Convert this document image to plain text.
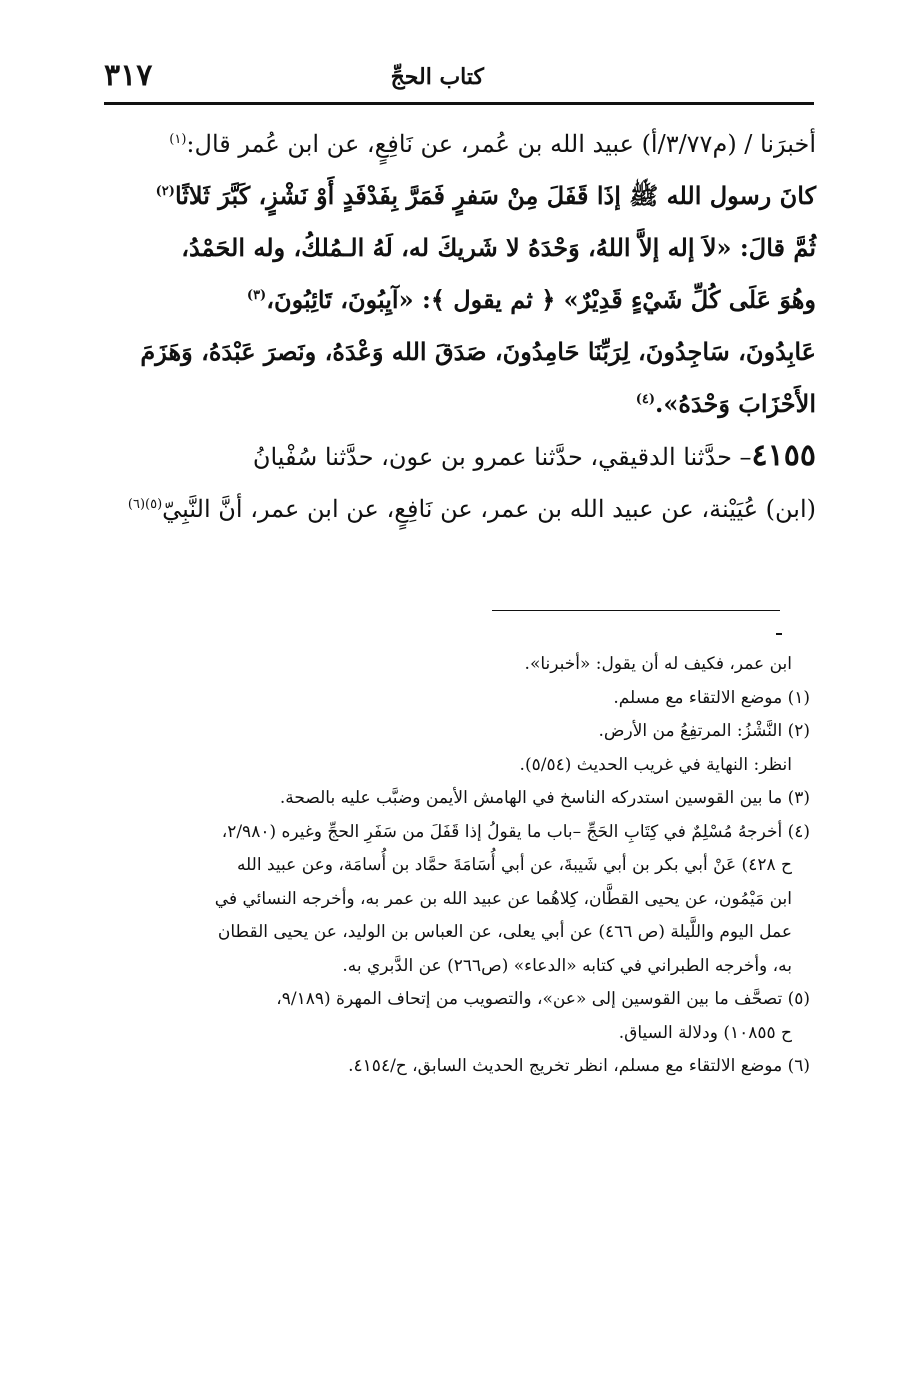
كتاب الحجِّ
٣١٧

أخبرَنا / (م٣/٧٧/أ) عبيد الله بن عُمر، عن نَافِعٍ، عن ابن عُمر قال:$^{(١)}$

كانَ رسول الله ﷺ إذَا قَفَلَ مِنْ سَفرٍ فَمَرَّ بِفَدْفَدٍ أَوْ نَشْزٍ، كَبَّرَ ثَلاثًا$^{(٢)}$

ثُمَّ قالَ: «لاَ إله إلاَّ اللهُ، وَحْدَهُ لا شَريكَ له، لَهُ الـمُلكُ، وله الحَمْدُ،

وهُوَ عَلَى كُلِّ شَيْءٍ قَدِيْرٌ» ﴿ ثم يقول ﴾: «آيِبُونَ، تَائِبُونَ،$^{(٣)}$

عَابِدُونَ، سَاجِدُونَ، لِرَبِّنَا حَامِدُونَ، صَدَقَ الله وَعْدَهُ، ونَصرَ عَبْدَهُ، وَهَزَمَ

الأَحْزَابَ وَحْدَهُ».$^{(٤)}$

٤١٥٥– حدَّثنا الدقيقي، حدَّثنا عمرو بن عون، حدَّثنا سُفْيانُ

(ابن) عُيَيْنة، عن عبيد الله بن عمر، عن نَافِعٍ، عن ابن عمر، أنَّ النَّبِيّ$^{(٥)(٦)}$

ابن عمر، فكيف له أن يقول: «أخبرنا».

(١) موضع الالتقاء مع مسلم.

(٢) النَّشْزُ: المرتفِعُ من الأرض.

انظر: النهاية في غريب الحديث (٥/٥٤).

(٣) ما بين القوسين استدركه الناسخ في الهامش الأيمن وضبَّب عليه بالصحة.

(٤) أخرجهُ مُسْلِمٌ في كِتَابِ الحَجِّ –باب ما يقولُ إذا قَفَلَ من سَفَرِ الحجِّ وغيره (٢/٩٨٠،

ح ٤٢٨) عَنْ أبي بكر بن أبي شَيبةَ، عن أبي أُسَامَةَ حمَّاد بن أُسامَة، وعن عبيد الله

ابن مَيْمُون، عن يحيى القطَّان، كِلاهُما عن عبيد الله بن عمر به، وأخرجه النسائي في

عمل اليوم واللَّيلة (ص ٤٦٦) عن أبي يعلى، عن العباس بن الوليد، عن يحيى القطان

به، وأخرجه الطبراني في كتابه «الدعاء» (ص٢٦٦) عن الدَّبري به.

(٥) تصحَّف ما بين القوسين إلى «عن»، والتصويب من إتحاف المهرة (٩/١٨٩،

ح ١٠٨٥٥) ودلالة السياق.

(٦) موضع الالتقاء مع مسلم، انظر تخريج الحديث السابق، ح/٤١٥٤.
